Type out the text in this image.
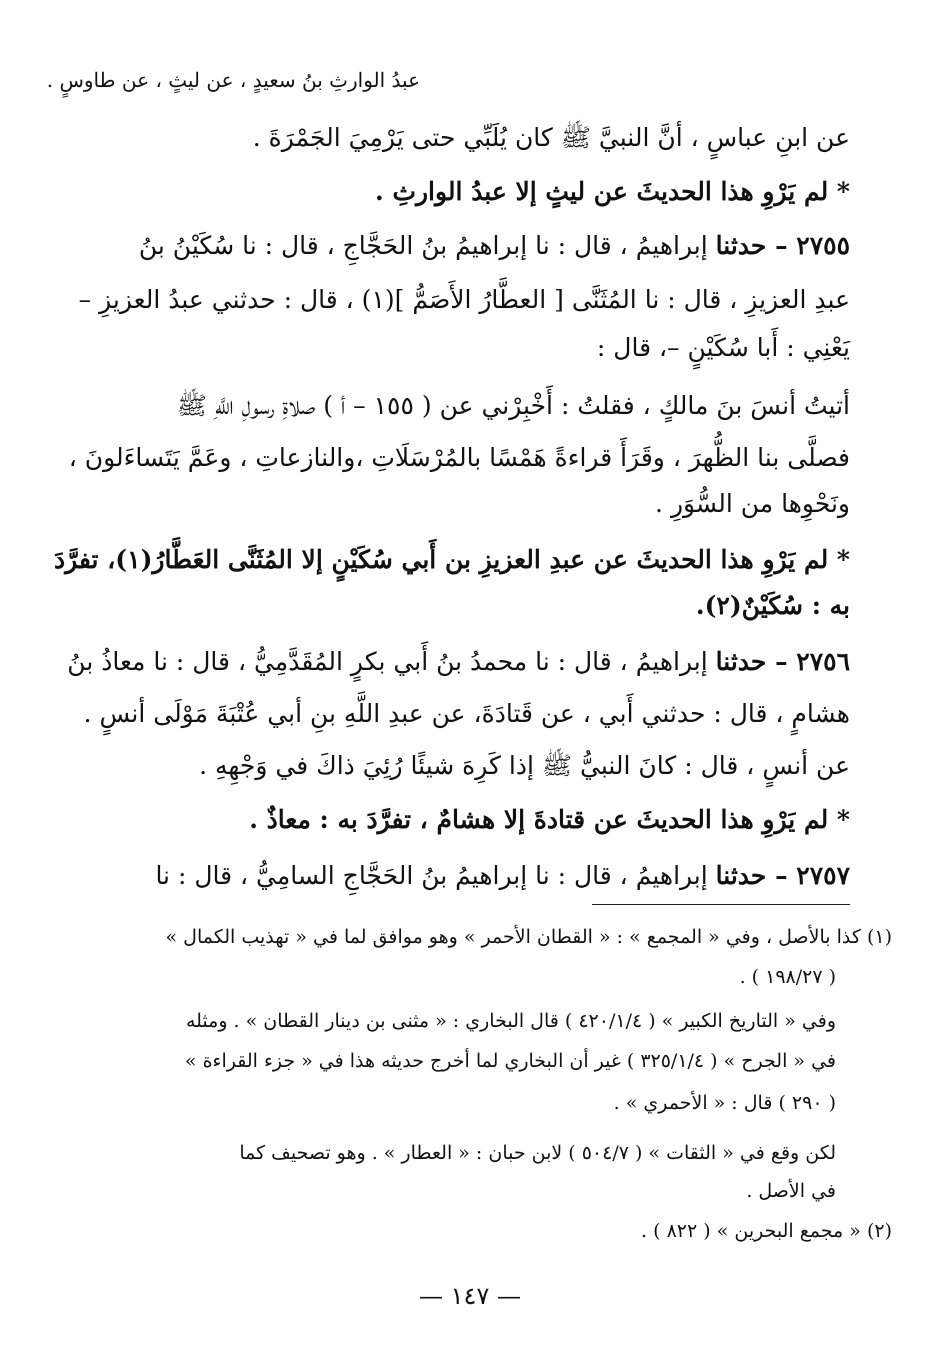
عبدُ الوارثِ بنُ سعيدٍ ، عن ليثٍ ، عن طاوسٍ .
عن ابنِ عباسٍ ، أنَّ النبيَّ ﷺ كان يُلَبِّي حتى يَرْمِيَ الجَمْرَةَ .
* لم يَرْوِ هذا الحديثَ عن ليثٍ إلا عبدُ الوارثِ .
٢٧٥٥ – حدثنا إبراهيمُ ، قال : نا إبراهيمُ بنُ الحَجَّاجِ ، قال : نا سُكَيْنُ بنُ
عبدِ العزيزِ ، قال : نا المُثَنَّى [ العطَّارُ الأَصَمُّ ](١) ، قال : حدثني عبدُ العزيزِ –
يَعْنِي : أَبا سُكَيْنٍ –، قال :
أتيتُ أنسَ بنَ مالكٍ ، فقلتُ : أَخْبِرْني عن ( ١٥٥ – أ ) صلاةِ رسولِ اللَّهِ ﷺ
فصلَّى بنا الظُّهرَ ، وقَرَأَ قراءةً هَمْسًا بالمُرْسَلَاتِ ،والنازعاتِ ، وعَمَّ يَتَساءَلونَ ،
ونَحْوِها من السُّوَرِ .
* لم يَرْوِ هذا الحديثَ عن عبدِ العزيزِ بن أَبي سُكَيْنٍ إلا المُثَنَّى العَطَّارُ(١)، تفرَّدَ
به : سُكَيْنٌ(٢).
٢٧٥٦ – حدثنا إبراهيمُ ، قال : نا محمدُ بنُ أَبي بكرٍ المُقَدَّمِيُّ ، قال : نا معاذُ بنُ
هشامٍ ، قال : حدثني أَبي ، عن قَتادَةَ، عن عبدِ اللَّهِ بنِ أبي عُتْبَةَ مَوْلَى أنسٍ .
عن أنسٍ ، قال : كانَ النبيُّ ﷺ إذا كَرِهَ شيئًا رُئِيَ ذاكَ في وَجْهِهِ .
* لم يَرْوِ هذا الحديثَ عن قتادةَ إلا هشامٌ ، تفرَّدَ به : معاذٌ .
٢٧٥٧ – حدثنا إبراهيمُ ، قال : نا إبراهيمُ بنُ الحَجَّاجِ السامِيُّ ، قال : نا
(١) كذا بالأصل ، وفي « المجمع » : « القطان الأحمر » وهو موافق لما في « تهذيب الكمال »
( ١٩٨/٢٧ ) .
وفي « التاريخ الكبير » ( ٤٢٠/١/٤ ) قال البخاري : « مثنى بن دينار القطان » . ومثله
في « الجرح » ( ٣٢٥/١/٤ ) غير أن البخاري لما أخرج حديثه هذا في « جزء القراءة »
( ٢٩٠ ) قال : « الأحمري » .
لكن وقع في « الثقات » ( ٥٠٤/٧ ) لابن حبان : « العطار » . وهو تصحيف كما
في الأصل .
(٢) « مجمع البحرين » ( ٨٢٢ ) .
— ١٤٧ —
